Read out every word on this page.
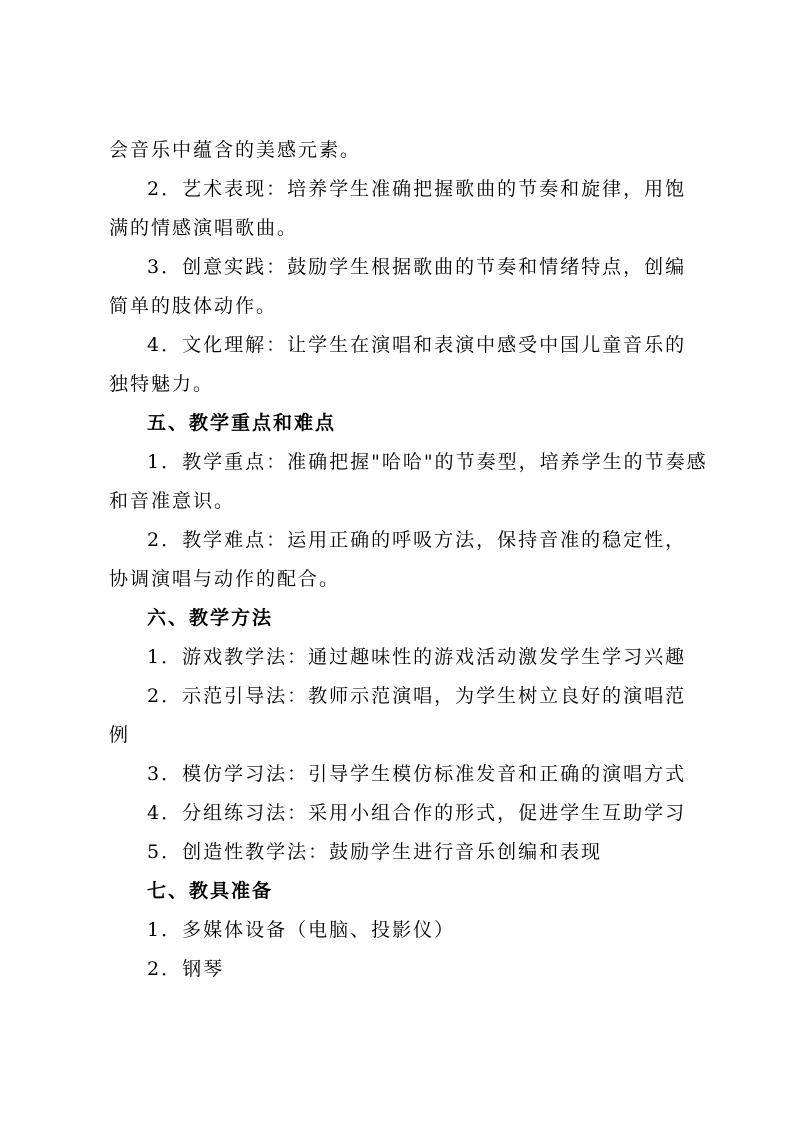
会音乐中蕴含的美感元素。
2．艺术表现：培养学生准确把握歌曲的节奏和旋律，用饱
满的情感演唱歌曲。
3．创意实践：鼓励学生根据歌曲的节奏和情绪特点，创编
简单的肢体动作。
4．文化理解：让学生在演唱和表演中感受中国儿童音乐的
独特魅力。
五、教学重点和难点
1．教学重点：准确把握"哈哈"的节奏型，培养学生的节奏感
和音准意识。
2．教学难点：运用正确的呼吸方法，保持音准的稳定性，
协调演唱与动作的配合。
六、教学方法
1．游戏教学法：通过趣味性的游戏活动激发学生学习兴趣
2．示范引导法：教师示范演唱，为学生树立良好的演唱范
例
3．模仿学习法：引导学生模仿标准发音和正确的演唱方式
4．分组练习法：采用小组合作的形式，促进学生互助学习
5．创造性教学法：鼓励学生进行音乐创编和表现
七、教具准备
1．多媒体设备（电脑、投影仪）
2．钢琴
